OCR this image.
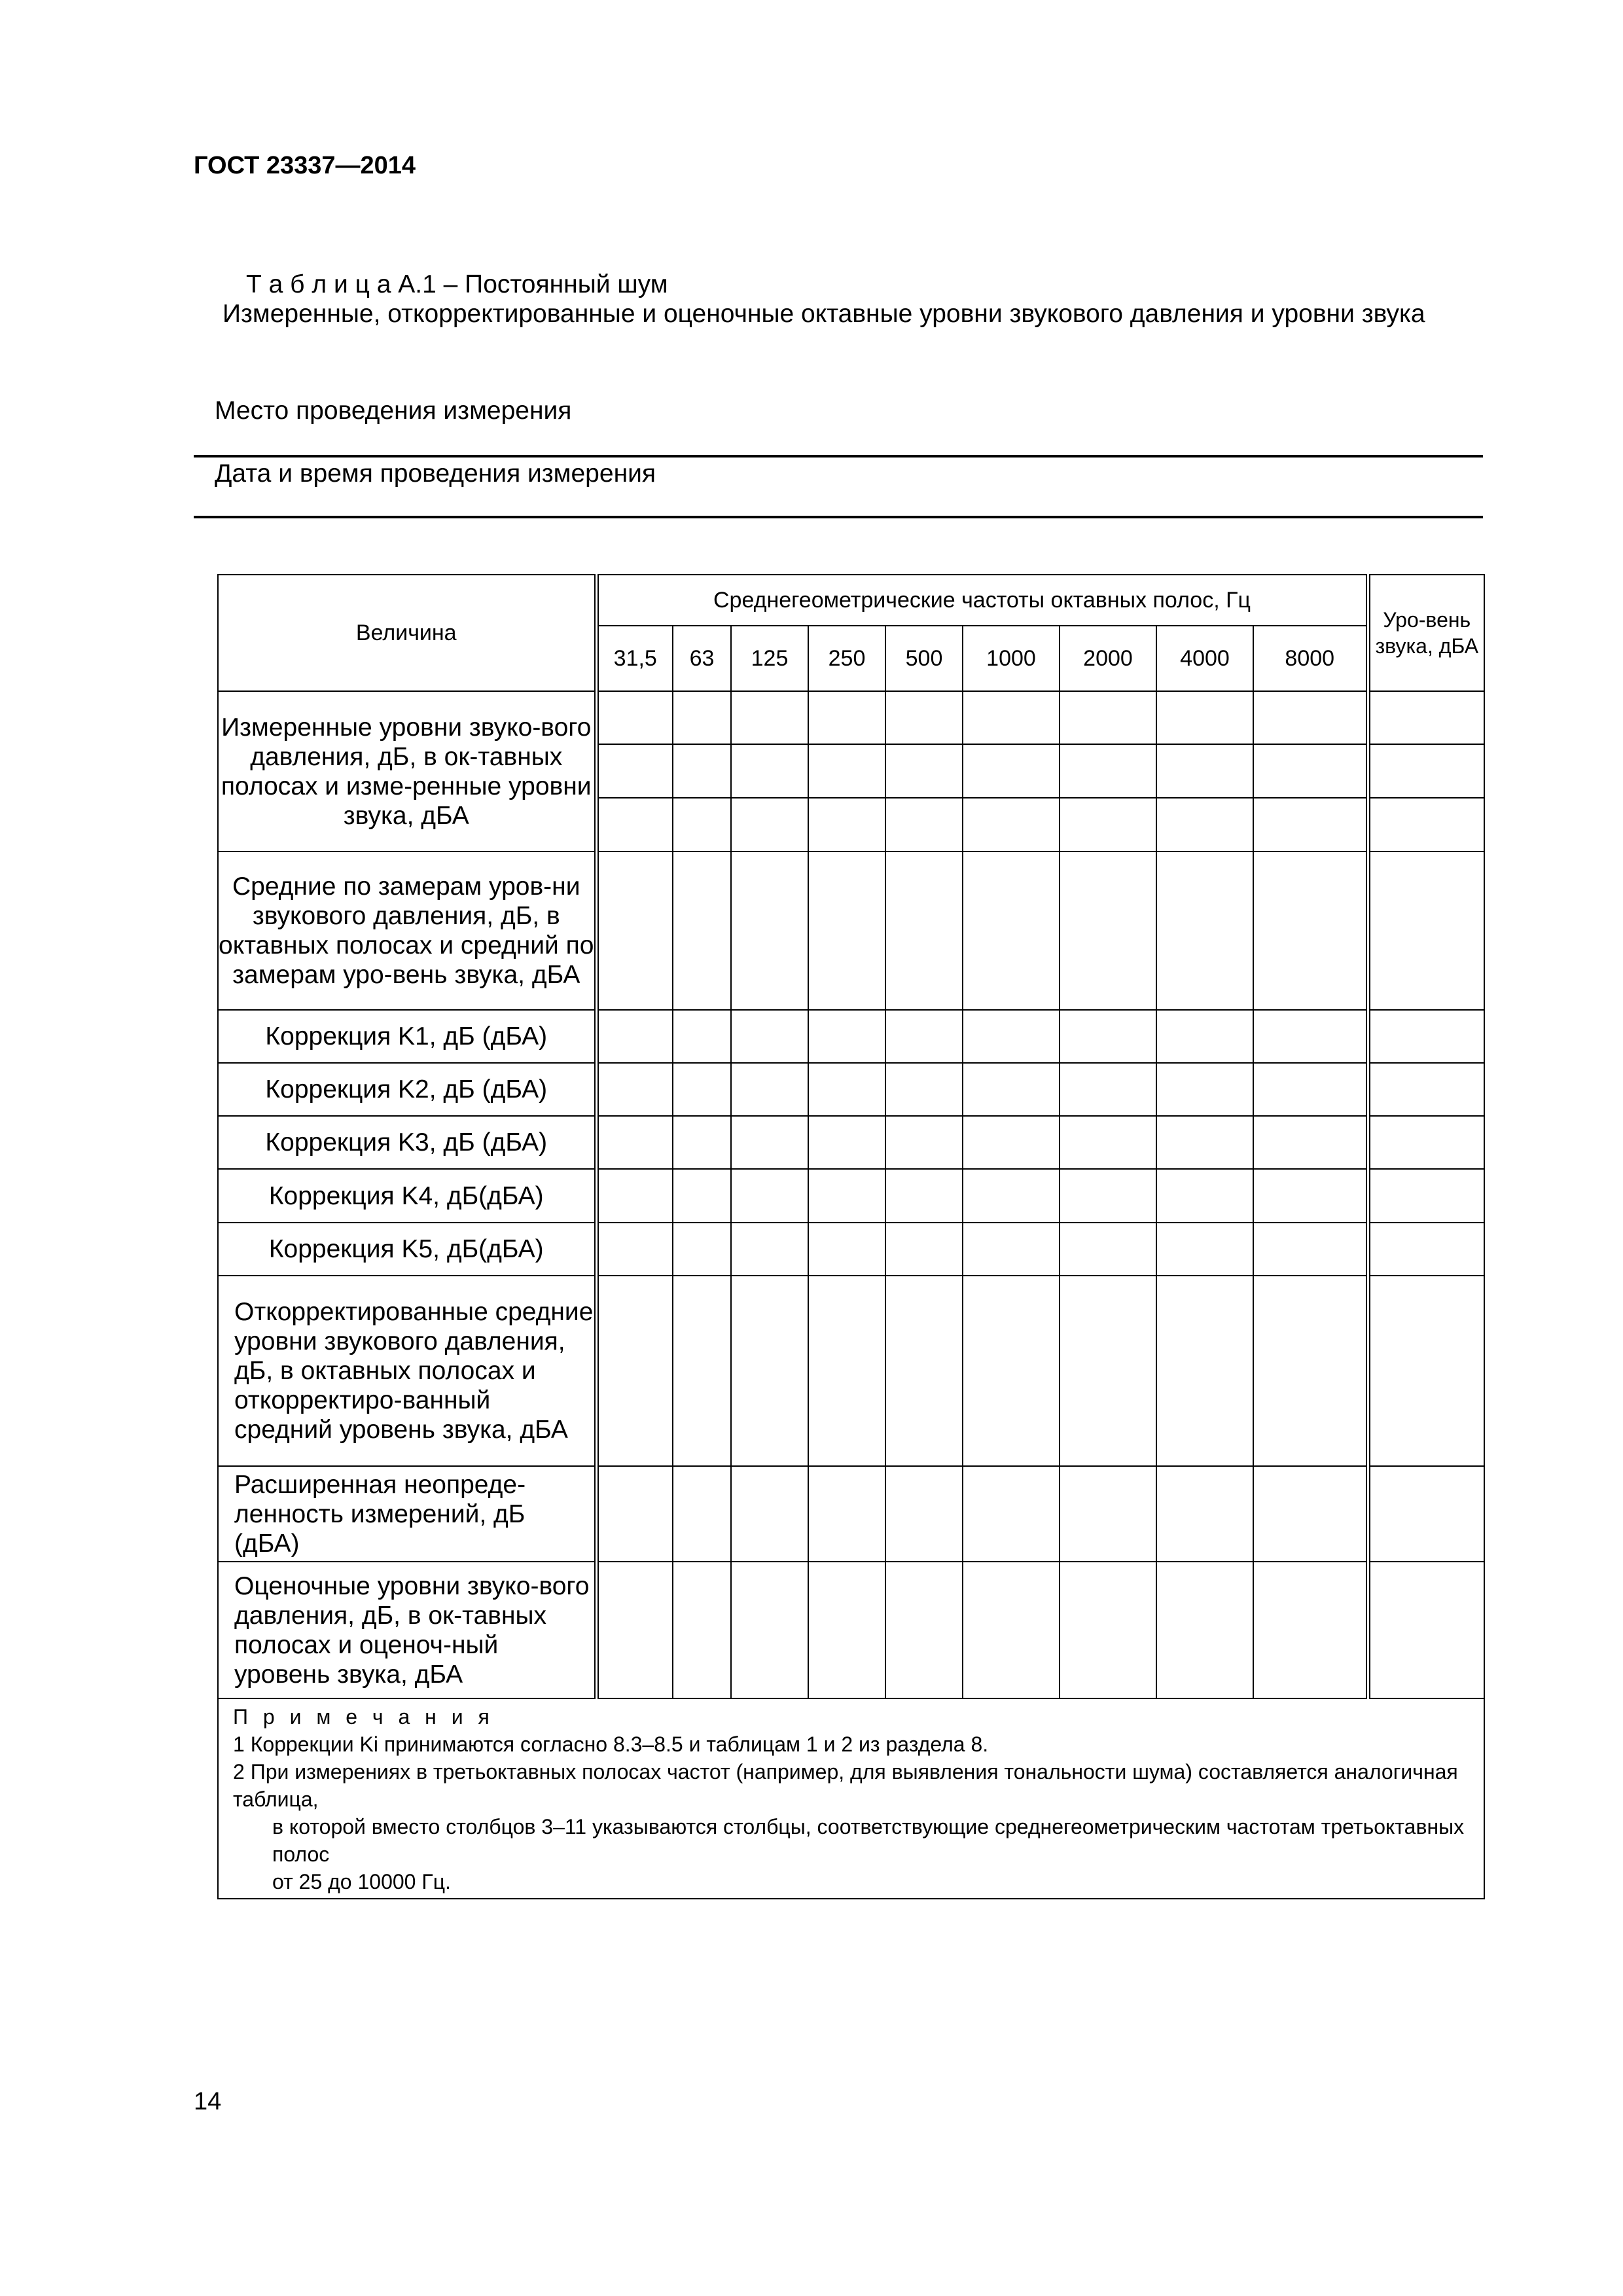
ГОСТ 23337—2014
Т а б л и ц а А.1 – Постоянный шум
Измеренные, откорректированные и оценочные октавные уровни звукового давления и уровни звука
Место проведения измерения
Дата и время проведения измерения
Величина	Среднегеометрические частоты октавных полос, Гц									Уро-вень звука, дБА
	31,5	63	125	250	500	1000	2000	4000	8000	
Измеренные уровни звуко-вого давления, дБ, в ок-тавных полосах и изме-ренные уровни звука, дБА										

Средние по замерам уров-ни звукового давления, дБ, в октавных полосах и средний по замерам уро-вень звука, дБА										
Коррекция K1, дБ (дБА)										
Коррекция K2, дБ (дБА)										
Коррекция K3, дБ (дБА)										
Коррекция K4, дБ(дБА)										
Коррекция K5, дБ(дБА)										
Откорректированные средние уровни звукового давления, дБ, в октавных полосах и откорректиро-ванный средний уровень звука, дБА										
Расширенная неопреде-ленность измерений, дБ (дБА)										
Оценочные уровни звуко-вого давления, дБ, в ок-тавных полосах и оценоч-ный уровень звука, дБА										

П р и м е ч а н и я
1 Коррекции Ki принимаются согласно 8.3–8.5 и таблицам 1 и 2 из раздела 8.
2 При измерениях в третьоктавных полосах частот (например, для выявления тональности шума) составляется аналогичная таблица,
в которой вместо столбцов 3–11 указываются столбцы, соответствующие среднегеометрическим частотам третьоктавных полос
от 25 до 10000 Гц.										
14
